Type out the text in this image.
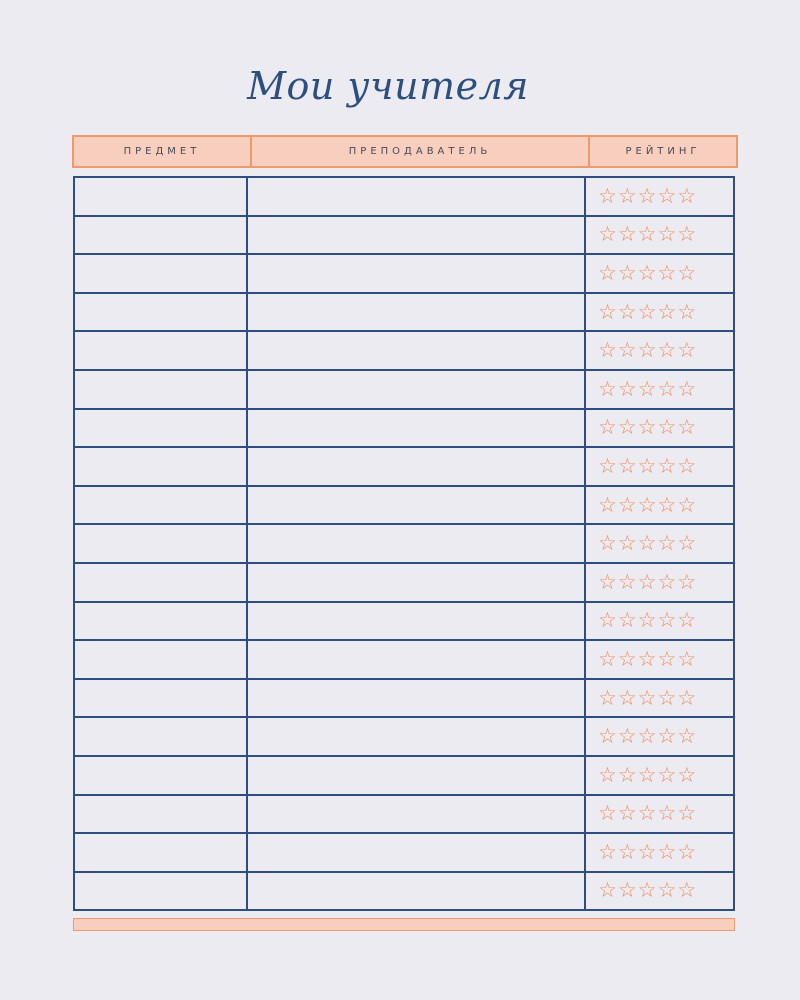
Мои учителя
ПРЕДМЕТ	ПРЕПОДАВАТЕЛЬ	РЕЙТИНГ
☆ ☆ ☆ ☆ ☆
☆ ☆ ☆ ☆ ☆
☆ ☆ ☆ ☆ ☆
☆ ☆ ☆ ☆ ☆
☆ ☆ ☆ ☆ ☆
☆ ☆ ☆ ☆ ☆
☆ ☆ ☆ ☆ ☆
☆ ☆ ☆ ☆ ☆
☆ ☆ ☆ ☆ ☆
☆ ☆ ☆ ☆ ☆
☆ ☆ ☆ ☆ ☆
☆ ☆ ☆ ☆ ☆
☆ ☆ ☆ ☆ ☆
☆ ☆ ☆ ☆ ☆
☆ ☆ ☆ ☆ ☆
☆ ☆ ☆ ☆ ☆
☆ ☆ ☆ ☆ ☆
☆ ☆ ☆ ☆ ☆
☆ ☆ ☆ ☆ ☆
